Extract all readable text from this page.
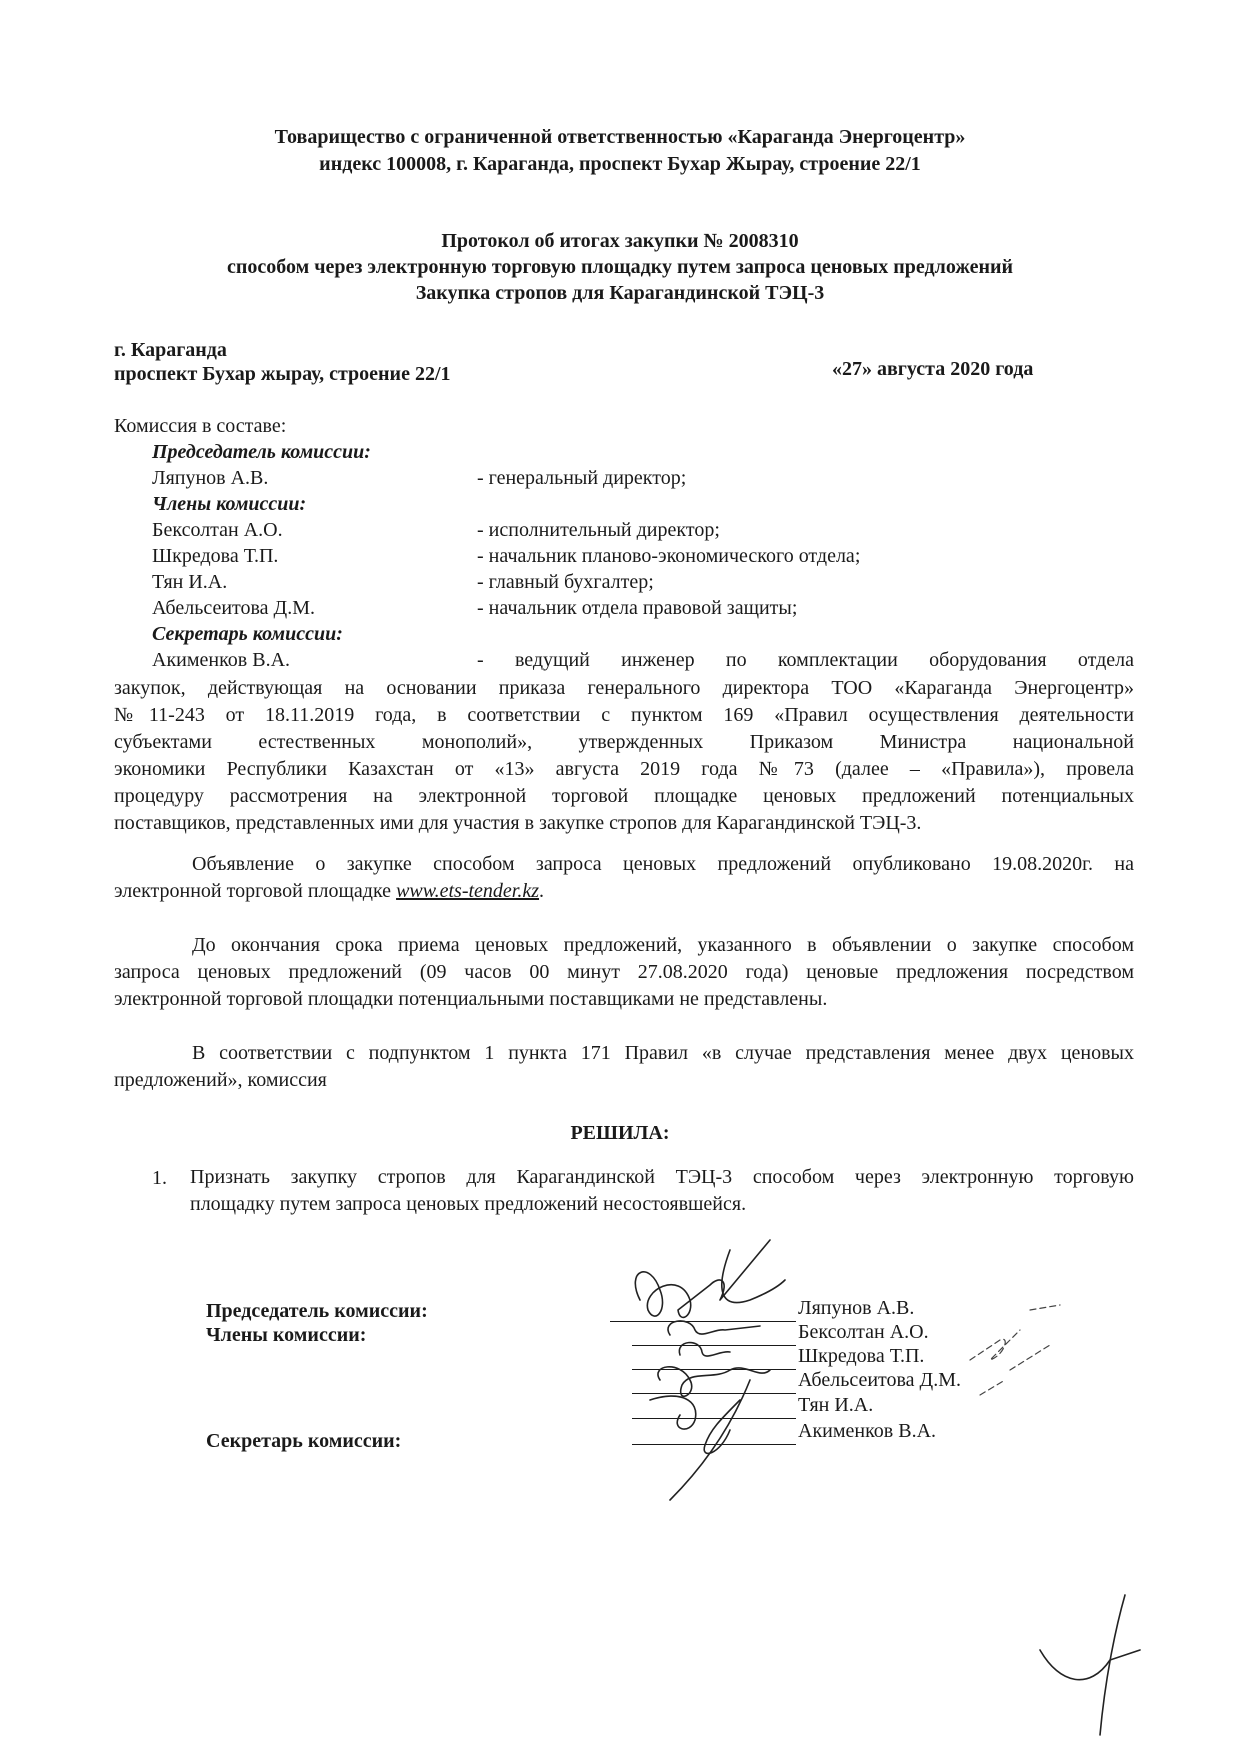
Товарищество с ограниченной ответственностью «Караганда Энергоцентр»
индекс 100008, г. Караганда, проспект Бухар Жырау, строение 22/1
Протокол об итогах закупки № 2008310
способом через электронную торговую площадку путем запроса ценовых предложений
Закупка стропов для Карагандинской ТЭЦ-3
г. Караганда
проспект Бухар жырау, строение 22/1	«27» августа 2020 года
Комиссия в составе:
Председатель комиссии:
Ляпунов А.В.	- генеральный директор;
Члены комиссии:
Бексолтан А.О.	- исполнительный директор;
Шкредова Т.П.	- начальник планово-экономического отдела;
Тян И.А.	- главный бухгалтер;
Абельсеитова Д.М.	- начальник отдела правовой защиты;
Секретарь комиссии:
Акименков В.А.	- ведущий инженер по комплектации оборудования отдела
закупок, действующая на основании приказа генерального директора ТОО «Караганда Энергоцентр»
№11-243 от 18.11.2019 года, в соответствии с пунктом 169 «Правил осуществления деятельности
субъектами естественных монополий», утвержденных Приказом Министра национальной
экономики Республики Казахстан от «13» августа 2019 года №73 (далее – «Правила»), провела
процедуру рассмотрения на электронной торговой площадке ценовых предложений потенциальных
поставщиков, представленных ими для участия в закупке стропов для Карагандинской ТЭЦ-3.
Объявление о закупке способом запроса ценовых предложений опубликовано 19.08.2020г. на
электронной торговой площадке www.ets-tender.kz.
До окончания срока приема ценовых предложений, указанного в объявлении о закупке способом
запроса ценовых предложений (09 часов 00 минут 27.08.2020 года) ценовые предложения посредством
электронной торговой площадки потенциальными поставщиками не представлены.
В соответствии с подпунктом 1 пункта 171 Правил «в случае представления менее двух ценовых
предложений», комиссия
РЕШИЛА:
1. Признать закупку стропов для Карагандинской ТЭЦ-3 способом через электронную торговую
площадку путем запроса ценовых предложений несостоявшейся.
Председатель комиссии:
Члены комиссии:
Секретарь комиссии:
Ляпунов А.В.
Бексолтан А.О.
Шкредова Т.П.
Абельсеитова Д.М.
Тян И.А.
Акименков В.А.
